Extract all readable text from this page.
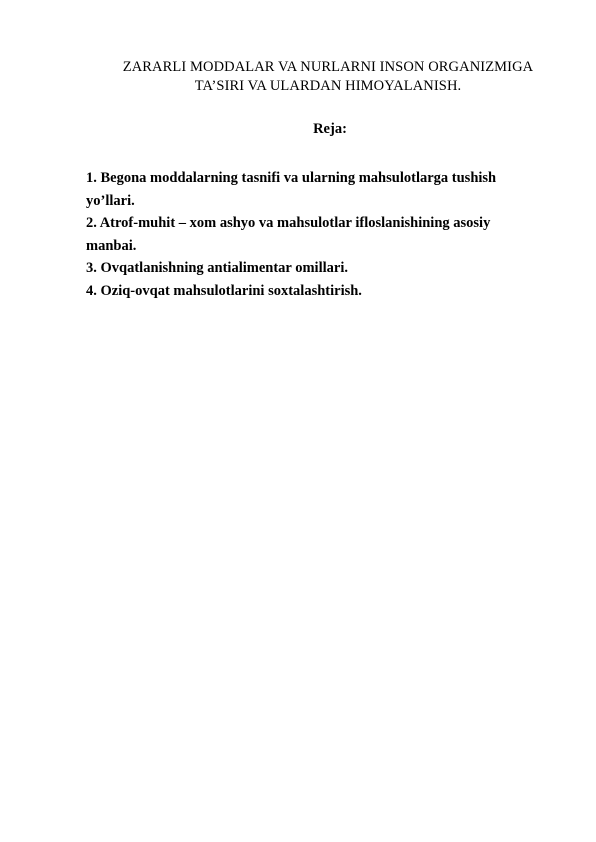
ZARARLI MODDALAR VA NURLARNI INSON ORGANIZMIGA
TA’SIRI VA ULARDAN HIMOYALANISH.
Reja:
1. Begona moddalarning tasnifi va ularning mahsulotlarga tushish
yo’llari.
2. Atrof-muhit – xom ashyo va mahsulotlar ifloslanishining asosiy
manbai.
3. Ovqatlanishning antialimentar omillari.
4. Oziq-ovqat mahsulotlarini soxtalashtirish.
